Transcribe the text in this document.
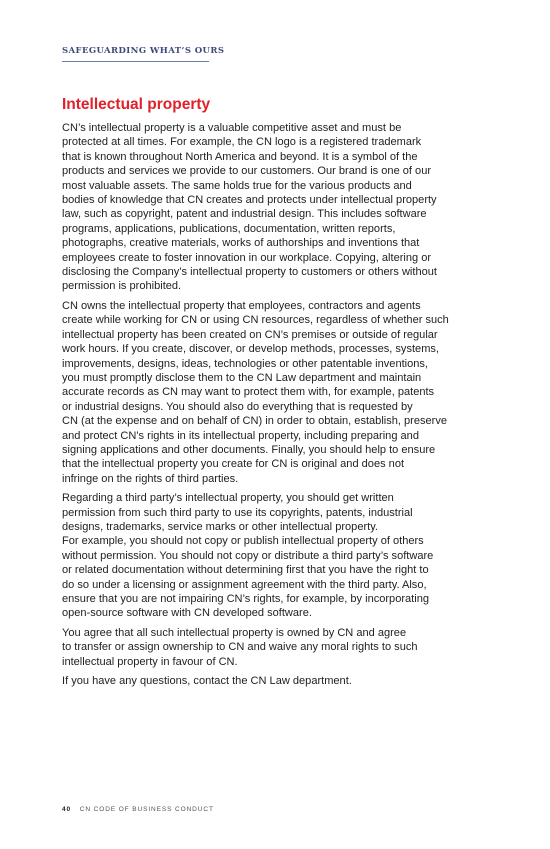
SAFEGUARDING WHAT’S OURS
Intellectual property

CN’s intellectual property is a valuable competitive asset and must be
protected at all times. For example, the CN logo is a registered trademark
that is known throughout North America and beyond. It is a symbol of the
products and services we provide to our customers. Our brand is one of our
most valuable assets. The same holds true for the various products and
bodies of knowledge that CN creates and protects under intellectual property
law, such as copyright, patent and industrial design. This includes software
programs, applications, publications, documentation, written reports,
photographs, creative materials, works of authorships and inventions that
employees create to foster innovation in our workplace. Copying, altering or
disclosing the Company’s intellectual property to customers or others without
permission is prohibited.

CN owns the intellectual property that employees, contractors and agents
create while working for CN or using CN resources, regardless of whether such
intellectual property has been created on CN’s premises or outside of regular
work hours. If you create, discover, or develop methods, processes, systems,
improvements, designs, ideas, technologies or other patentable inventions,
you must promptly disclose them to the CN Law department and maintain
accurate records as CN may want to protect them with, for example, patents
or industrial designs. You should also do everything that is requested by
CN (at the expense and on behalf of CN) in order to obtain, establish, preserve
and protect CN’s rights in its intellectual property, including preparing and
signing applications and other documents. Finally, you should help to ensure
that the intellectual property you create for CN is original and does not
infringe on the rights of third parties.

Regarding a third party’s intellectual property, you should get written
permission from such third party to use its copyrights, patents, industrial
designs, trademarks, service marks or other intellectual property.
For example, you should not copy or publish intellectual property of others
without permission. You should not copy or distribute a third party’s software
or related documentation without determining first that you have the right to
do so under a licensing or assignment agreement with the third party. Also,
ensure that you are not impairing CN’s rights, for example, by incorporating
open-source software with CN developed software.

You agree that all such intellectual property is owned by CN and agree
to transfer or assign ownership to CN and waive any moral rights to such
intellectual property in favour of CN.

If you have any questions, contact the CN Law department.

40 CN CODE OF BUSINESS CONDUCT
